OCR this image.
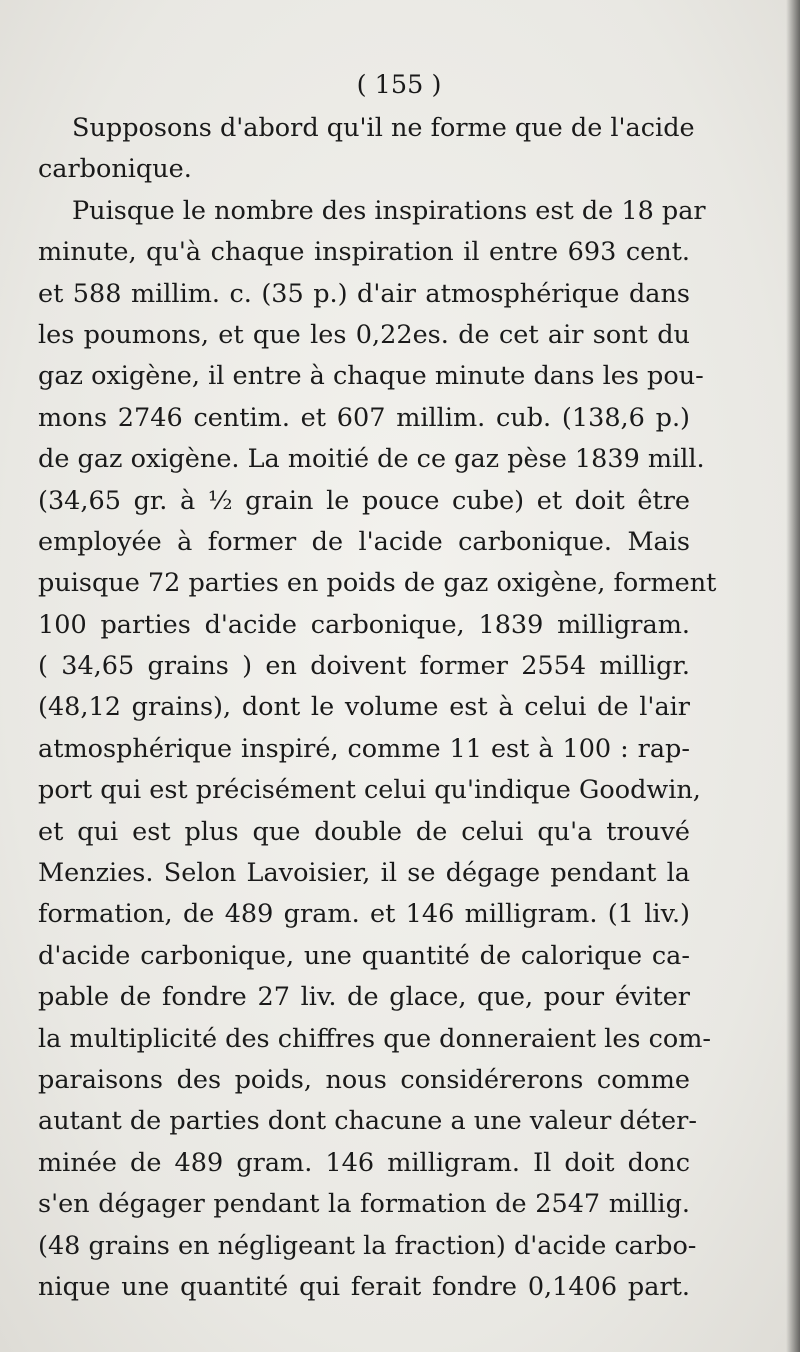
( 155 )
Supposons d'abord qu'il ne forme que de l'acide
carbonique.
Puisque le nombre des inspirations est de 18 par
minute, qu'à chaque inspiration il entre 693 cent.
et 588 millim. c. (35 p.) d'air atmosphérique dans
les poumons, et que les 0,22es. de cet air sont du
gaz oxigène, il entre à chaque minute dans les pou-
mons 2746 centim. et 607 millim. cub. (138,6 p.)
de gaz oxigène. La moitié de ce gaz pèse 1839 mill.
(34,65 gr. à ½ grain le pouce cube) et doit être
employée à former de l'acide carbonique. Mais
puisque 72 parties en poids de gaz oxigène, forment
100 parties d'acide carbonique, 1839 milligram.
( 34,65 grains ) en doivent former 2554 milligr.
(48,12 grains), dont le volume est à celui de l'air
atmosphérique inspiré, comme 11 est à 100 : rap-
port qui est précisément celui qu'indique Goodwin,
et qui est plus que double de celui qu'a trouvé
Menzies. Selon Lavoisier, il se dégage pendant la
formation, de 489 gram. et 146 milligram. (1 liv.)
d'acide carbonique, une quantité de calorique ca-
pable de fondre 27 liv. de glace, que, pour éviter
la multiplicité des chiffres que donneraient les com-
paraisons des poids, nous considérerons comme
autant de parties dont chacune a une valeur déter-
minée de 489 gram. 146 milligram. Il doit donc
s'en dégager pendant la formation de 2547 millig.
(48 grains en négligeant la fraction) d'acide carbo-
nique une quantité qui ferait fondre 0,1406 part.
